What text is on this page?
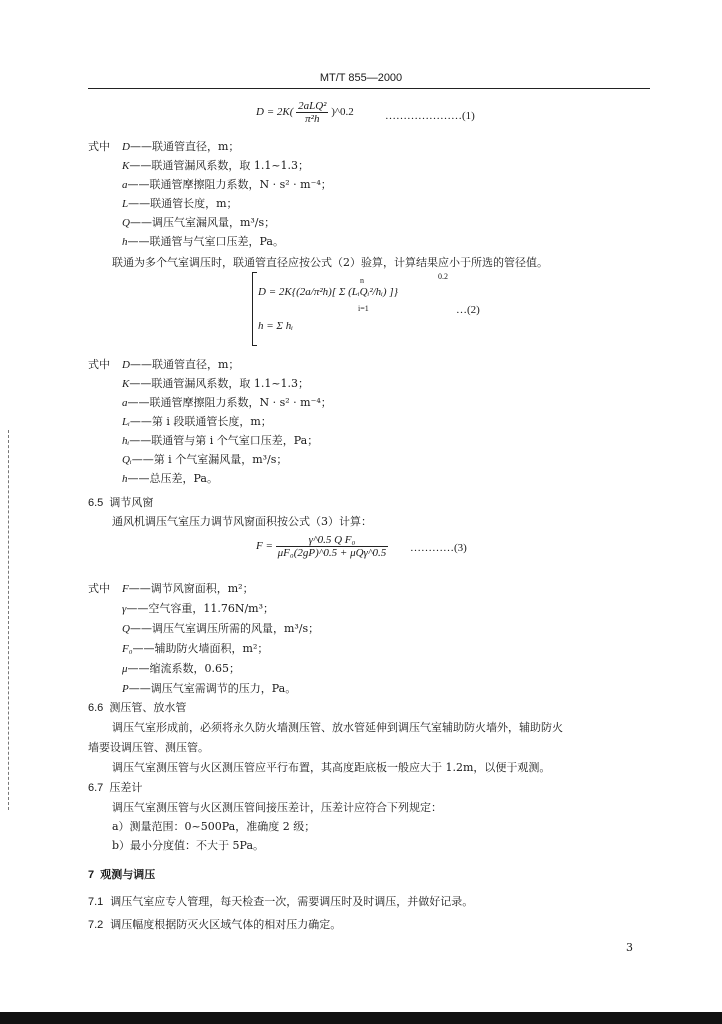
MT/T 855—2000
$D = 2K( \frac{\text{2aLQ²}}{\text{π²h}}$ )^0.2	…………………(1)
式中 D——联通管直径，m；
K——联通管漏风系数，取 1.1~1.3；
a——联通管摩擦阻力系数，N · s² · m⁻⁴；
L——联通管长度，m；
Q——调压气室漏风量，m³/s；
h——联通管与气室口压差，Pa。
联通为多个气室调压时，联通管直径应按公式（2）验算，计算结果应小于所选的管径值。
D = 2K{(2a/π²h)[ Σ (LᵢQᵢ²/hᵢ) ]}
n
i=1
0.2
h = Σ hᵢ
…(2)
式中 D——联通管直径，m；
K——联通管漏风系数，取 1.1~1.3；
a——联通管摩擦阻力系数，N · s² · m⁻⁴；
Lᵢ——第 i 段联通管长度，m；
hᵢ——联通管与第 i 个气室口压差，Pa；
Qᵢ——第 i 个气室漏风量，m³/s；
h——总压差，Pa。
6.5 调节风窗
通风机调压气室压力调节风窗面积按公式（3）计算：
$F = \frac{\text{γ\textasciicircum{}0.5 Q F₀}}{\text{μF₀(2gP)\textasciicircum{}0.5 + μQγ\textasciicircum{}0.5}}$ …………(3)
式中 F——调节风窗面积，m²；
γ——空气容重，11.76N/m³；
Q——调压气室调压所需的风量，m³/s；
F₀——辅助防火墙面积，m²；
μ——缩流系数，0.65；
P——调压气室需调节的压力，Pa。
6.6 测压管、放水管
调压气室形成前，必须将永久防火墙测压管、放水管延伸到调压气室辅助防火墙外，辅助防火
墙要设调压管、测压管。
调压气室测压管与火区测压管应平行布置，其高度距底板一般应大于 1.2m，以便于观测。
6.7 压差计
调压气室测压管与火区测压管间接压差计，压差计应符合下列规定：
a）测量范围：0~500Pa，准确度 2 级；
b）最小分度值：不大于 5Pa。
7 观测与调压
7.1 调压气室应专人管理，每天检查一次，需要调压时及时调压，并做好记录。
7.2 调压幅度根据防灭火区域气体的相对压力确定。
3
